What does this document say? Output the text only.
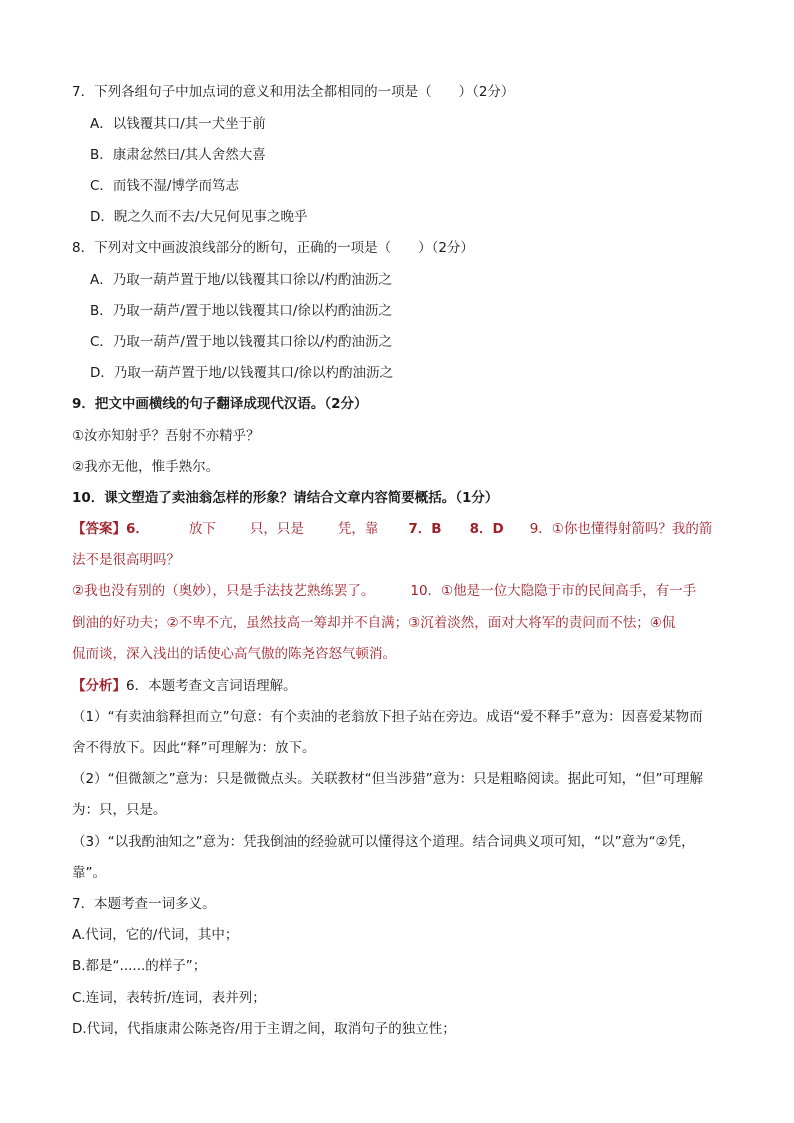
7．下列各组句子中加点词的意义和用法全都相同的一项是（　　）（2分）
A．以钱覆其口/其一犬坐于前
B．康肃忿然曰/其人舍然大喜
C．而钱不湿/博学而笃志
D．睨之久而不去/大兄何见事之晚乎
8．下列对文中画波浪线部分的断句，正确的一项是（　　）（2分）
A．乃取一葫芦置于地/以钱覆其口徐以/杓酌油沥之
B．乃取一葫芦/置于地以钱覆其口/徐以杓酌油沥之
C．乃取一葫芦/置于地以钱覆其口徐以/杓酌油沥之
D．乃取一葫芦置于地/以钱覆其口/徐以杓酌油沥之
9．把文中画横线的句子翻译成现代汉语。（2分）
①汝亦知射乎？吾射不亦精乎？
②我亦无他，惟手熟尔。
10．课文塑造了卖油翁怎样的形象？请结合文章内容简要概括。（1分）
【答案】6．	放下	只，只是	凭，靠 7．B 8．D 9．①你也懂得射箭吗？我的箭
法不是很高明吗？
②我也没有别的（奥妙），只是手法技艺熟练罢了。	10．①他是一位大隐隐于市的民间高手，有一手
倒油的好功夫；②不卑不亢，虽然技高一筹却并不自满；③沉着淡然，面对大将军的责问而不怯；④侃
侃而谈，深入浅出的话使心高气傲的陈尧咨怒气顿消。
【分析】6．本题考查文言词语理解。
（1）“有卖油翁释担而立”句意：有个卖油的老翁放下担子站在旁边。成语“爱不释手”意为：因喜爱某物而
舍不得放下。因此“释”可理解为：放下。
（2）“但微颔之”意为：只是微微点头。关联教材“但当涉猎”意为：只是粗略阅读。据此可知，“但”可理解
为：只，只是。
（3）“以我酌油知之”意为：凭我倒油的经验就可以懂得这个道理。结合词典义项可知，“以”意为“②凭，
靠”。
7．本题考查一词多义。
A.代词，它的/代词，其中；
B.都是“......的样子”；
C.连词，表转折/连词，表并列；
D.代词，代指康肃公陈尧咨/用于主谓之间，取消句子的独立性；
